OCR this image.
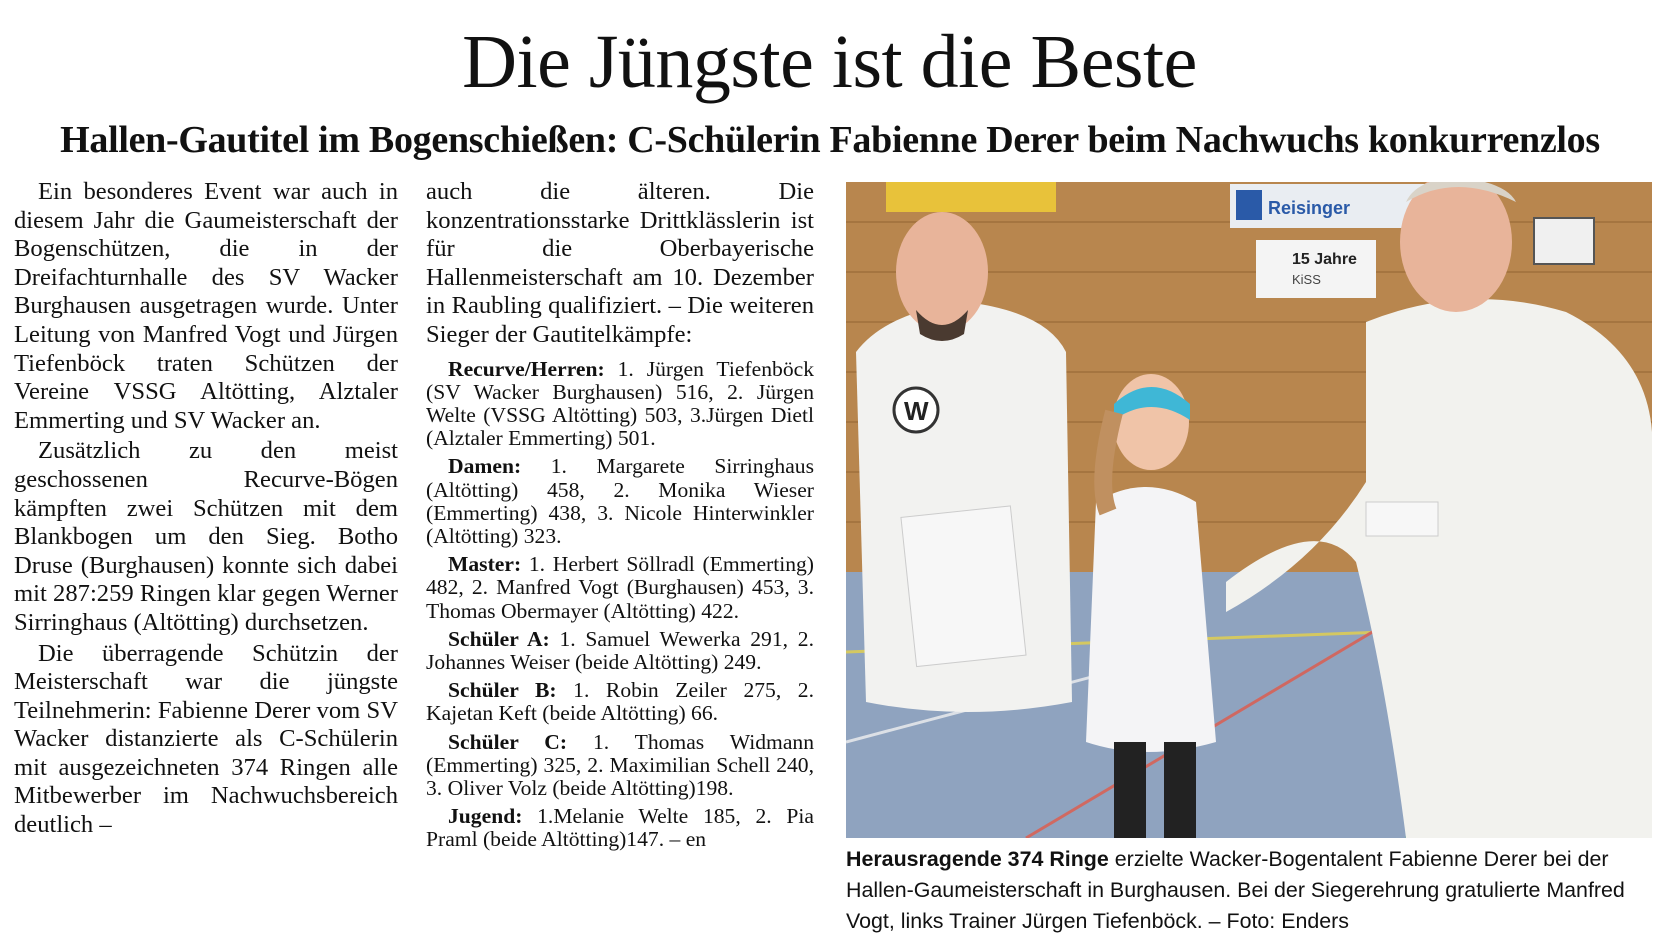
Die Jüngste ist die Beste
Hallen-Gautitel im Bogenschießen: C-Schülerin Fabienne Derer beim Nachwuchs konkurrenzlos

Ein besonderes Event war auch in diesem Jahr die Gaumeisterschaft der Bogenschützen, die in der Dreifachturnhalle des SV Wacker Burghausen ausgetragen wurde. Unter Leitung von Manfred Vogt und Jürgen Tiefenböck traten Schützen der Vereine VSSG Altötting, Alztaler Emmerting und SV Wacker an.

Zusätzlich zu den meist geschossenen Recurve-Bögen kämpften zwei Schützen mit dem Blankbogen um den Sieg. Botho Druse (Burghausen) konnte sich dabei mit 287:259 Ringen klar gegen Werner Sirringhaus (Altötting) durchsetzen.

Die überragende Schützin der Meisterschaft war die jüngste Teilnehmerin: Fabienne Derer vom SV Wacker distanzierte als C-Schülerin mit ausgezeichneten 374 Ringen alle Mitbewerber im Nachwuchsbereich deutlich –

auch die älteren. Die konzentrationsstarke Drittklässlerin ist für die Oberbayerische Hallenmeisterschaft am 10. Dezember in Raubling qualifiziert. – Die weiteren Sieger der Gautitelkämpfe:

Recurve/Herren: 1. Jürgen Tiefenböck (SV Wacker Burghausen) 516, 2. Jürgen Welte (VSSG Altötting) 503, 3.Jürgen Dietl (Alztaler Emmerting) 501.

Damen: 1. Margarete Sirringhaus (Altötting) 458, 2. Monika Wieser (Emmerting) 438, 3. Nicole Hinterwinkler (Altötting) 323.

Master: 1. Herbert Söllradl (Emmerting) 482, 2. Manfred Vogt (Burghausen) 453, 3. Thomas Obermayer (Altötting) 422.

Schüler A: 1. Samuel Wewerka 291, 2. Johannes Weiser (beide Altötting) 249.

Schüler B: 1. Robin Zeiler 275, 2. Kajetan Keft (beide Altötting) 66.

Schüler C: 1. Thomas Widmann (Emmerting) 325, 2. Maximilian Schell 240, 3. Oliver Volz (beide Altötting)198.

Jugend: 1.Melanie Welte 185, 2. Pia Praml (beide Altötting)147. – en

Reisinger
15 Jahre
KiSS
W
Herausragende 374 Ringe erzielte Wacker-Bogentalent Fabienne Derer bei der Hallen-Gaumeisterschaft in Burghausen. Bei der Siegerehrung gratulierte Manfred Vogt, links Trainer Jürgen Tiefenböck. – Foto: Enders
